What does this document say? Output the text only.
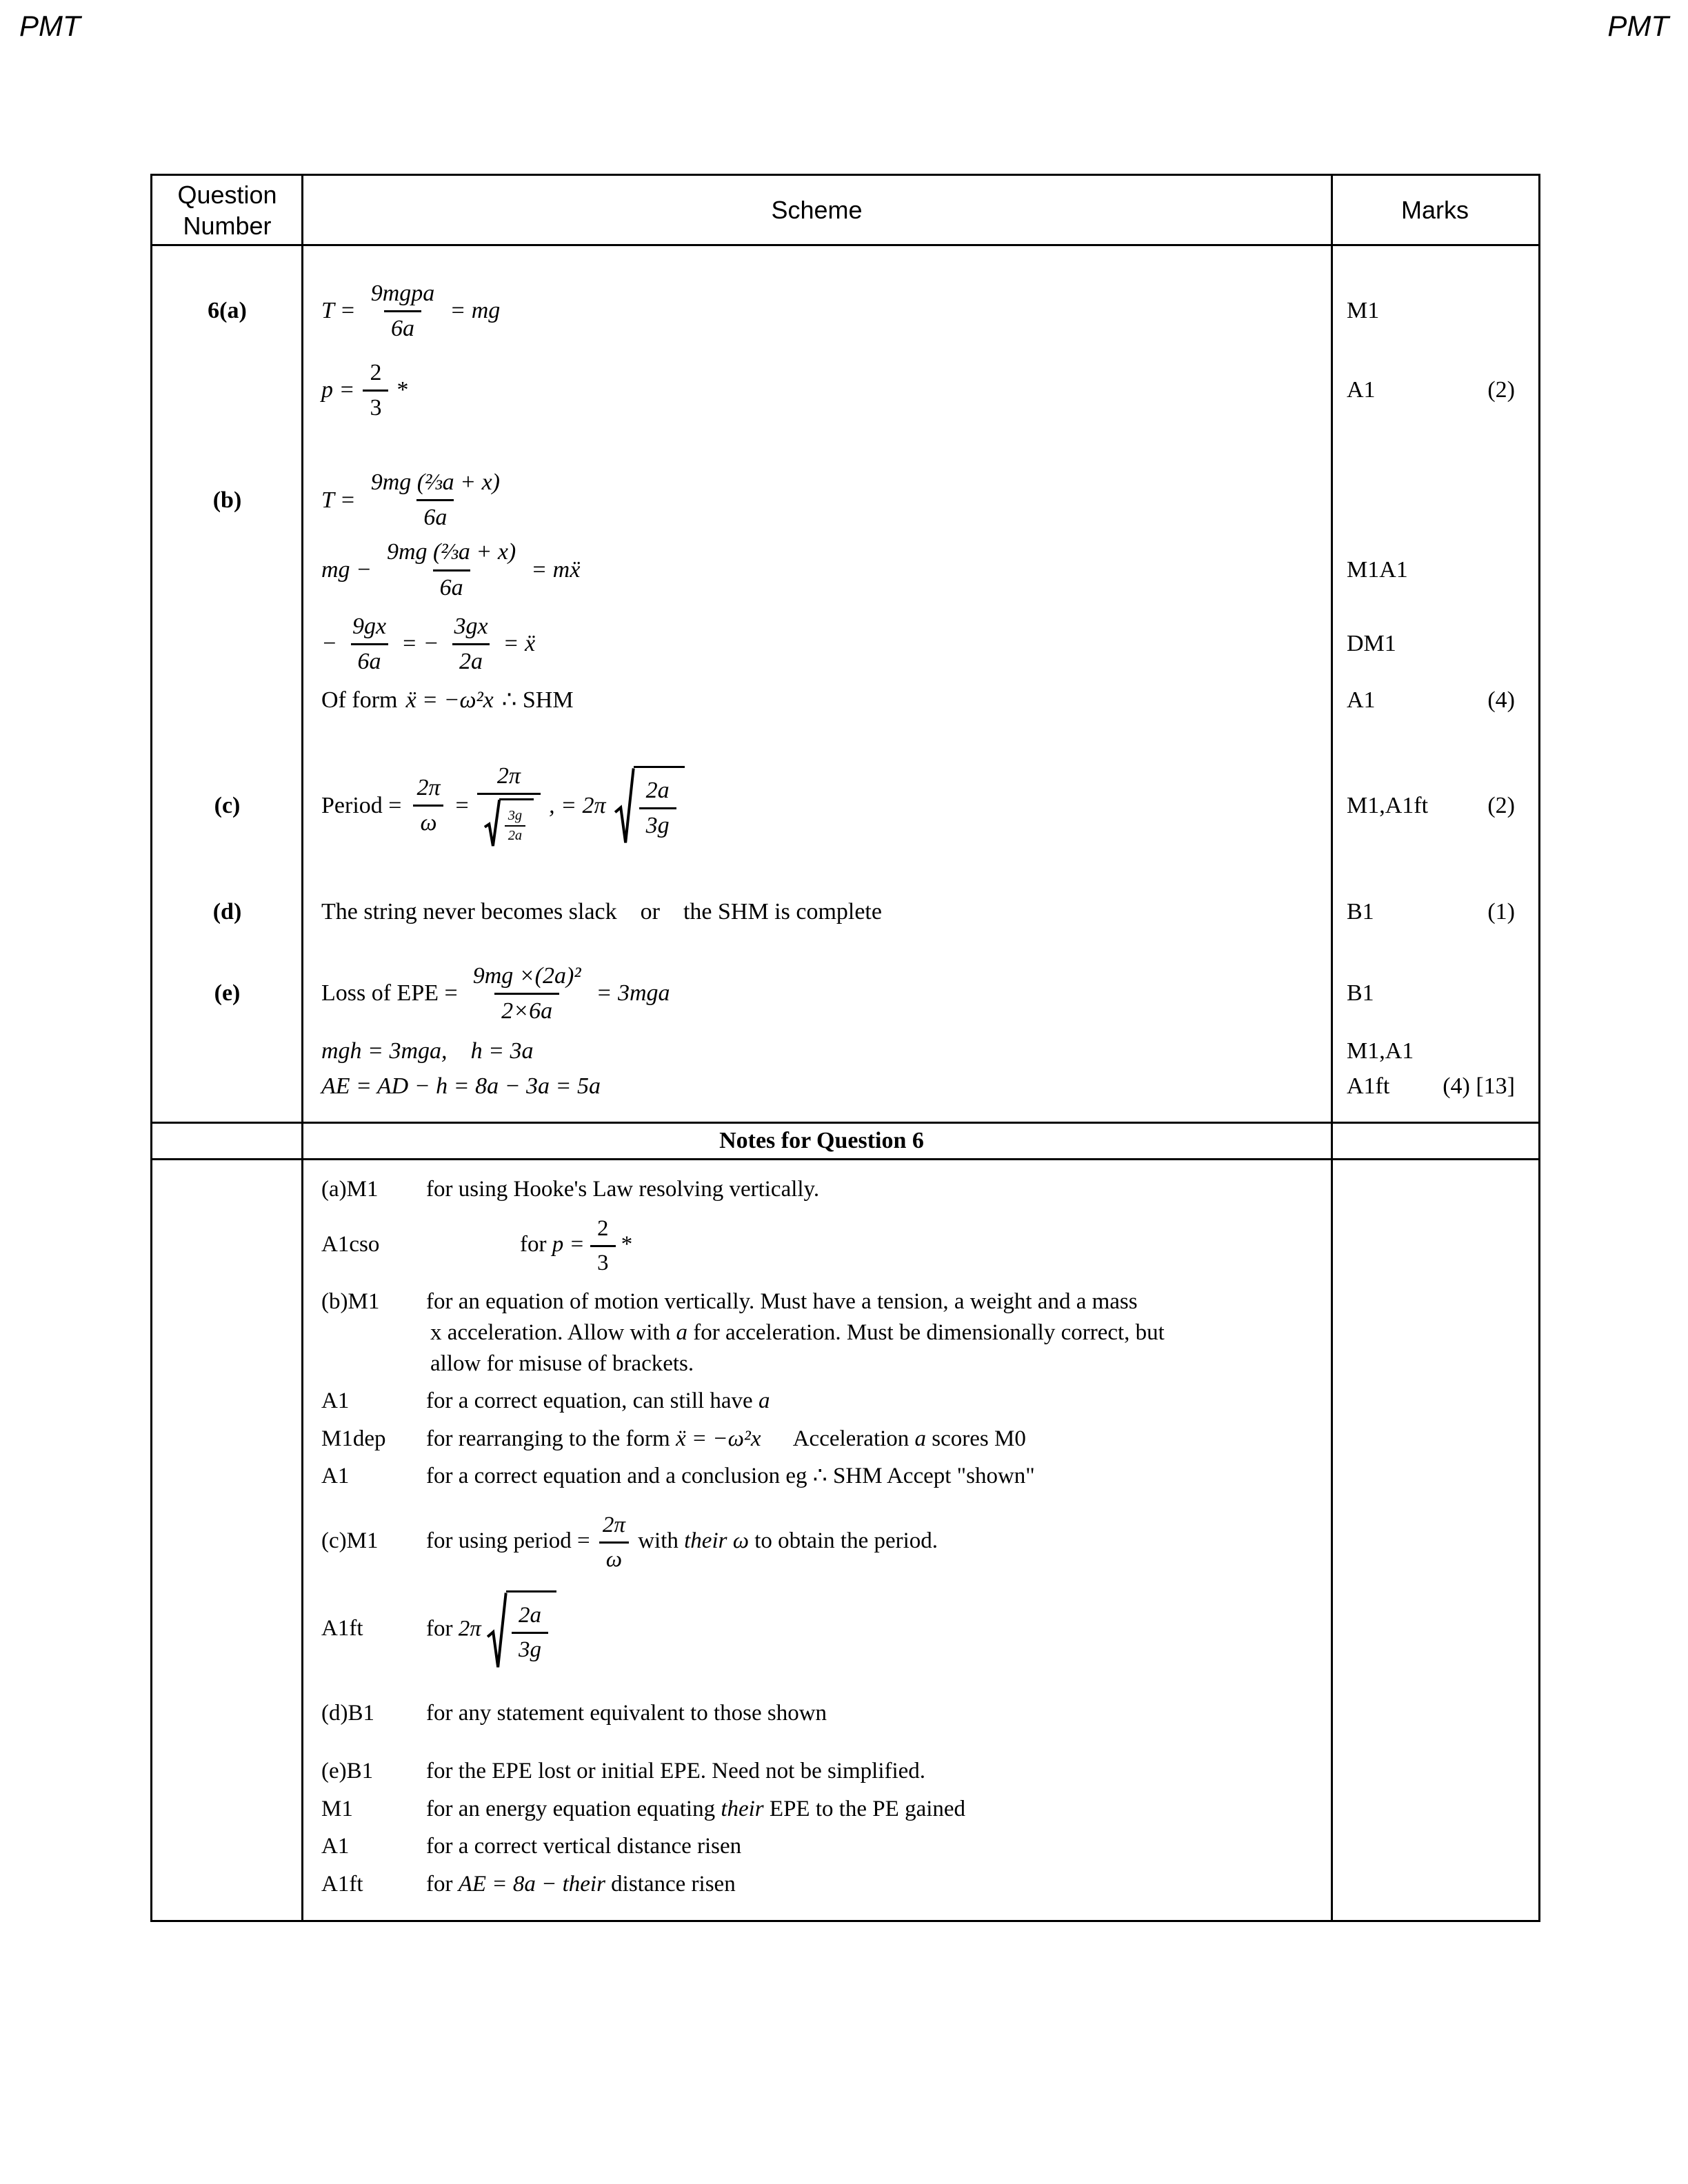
PMT	PMT
Question Number
Scheme	Marks
6(a)	$T = \frac{\text{9mgpa}}{6a}$ = mg	M1
$p = \frac{2}{3}$ *	A1	(2)
(b)	$T = \frac{\text{9mg (⅔a + x)}}{6a}$
mg − $\frac{\text{9mg (⅔a + x)}}{6a}$ = mẍ	M1A1
− $\frac{9gx}{6a}$ = − $\frac{3gx}{2a}$ = ẍ	DM1
Of form ẍ = −ω²x ∴ SHM	A1	(4)
(c)	Period = $\frac{2\pi}{\omega} = \frac{2\pi}{\frac{3g}{2a}}$ , = $2\pi \frac{2a}{3g}$	M1,A1ft	(2)
(d)	The string never becomes slack or the SHM is complete	B1	(1)
(e)	Loss of EPE = $\frac{\text{9mg ×(2a)²}}{2\times 6a} = 3mga$	B1
mgh = 3mga, h = 3a	M1,A1
AE = AD − h = 8a − 3a = 5a	A1ft (4) [13]
Notes for Question 6
(a)M1 for using Hooke's Law resolving vertically.
A1cso	for $p = \frac{2}{3}$ *
(b)M1 for an equation of motion vertically. Must have a tension, a weight and a mass
x acceleration. Allow with a for acceleration. Must be dimensionally correct, but
allow for misuse of brackets.
A1	for a correct equation, can still have a
M1dep for rearranging to the form ẍ = −ω²x Acceleration a scores M0
A1	for a correct equation and a conclusion eg ∴ SHM Accept "shown"
(c)M1 for using period = $\frac{2\pi}{\omega}$ with their ω to obtain the period.
A1ft	for $2\pi \frac{2a}{3g}$
(d)B1 for any statement equivalent to those shown
(e)B1 for the EPE lost or initial EPE. Need not be simplified.
M1	for an energy equation equating their EPE to the PE gained
A1	for a correct vertical distance risen
A1ft	for AE = 8a − their distance risen
